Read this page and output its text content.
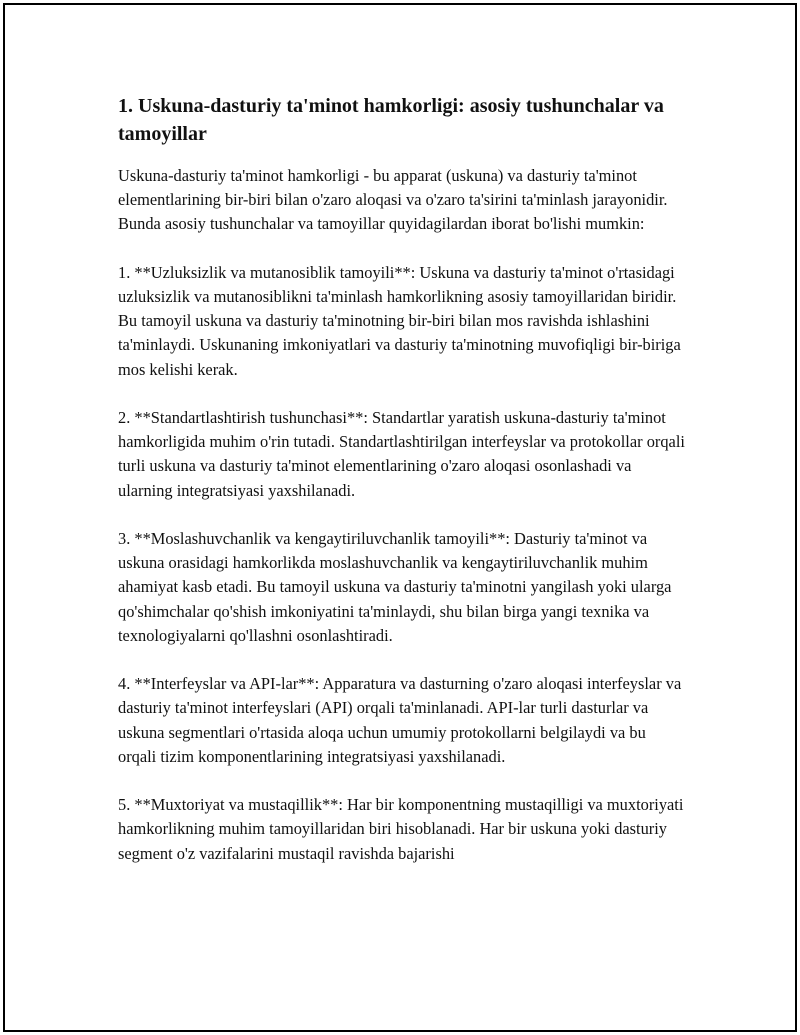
1. Uskuna-dasturiy ta'minot hamkorligi: asosiy tushunchalar va tamoyillar

Uskuna-dasturiy ta'minot hamkorligi - bu apparat (uskuna) va dasturiy ta'minot elementlarining bir-biri bilan o'zaro aloqasi va o'zaro ta'sirini ta'minlash jarayonidir. Bunda asosiy tushunchalar va tamoyillar quyidagilardan iborat bo'lishi mumkin:

1. **Uzluksizlik va mutanosiblik tamoyili**: Uskuna va dasturiy ta'minot o'rtasidagi uzluksizlik va mutanosiblikni ta'minlash hamkorlikning asosiy tamoyillaridan biridir. Bu tamoyil uskuna va dasturiy ta'minotning bir-biri bilan mos ravishda ishlashini ta'minlaydi. Uskunaning imkoniyatlari va dasturiy ta'minotning muvofiqligi bir-biriga mos kelishi kerak.

2. **Standartlashtirish tushunchasi**: Standartlar yaratish uskuna-dasturiy ta'minot hamkorligida muhim o'rin tutadi. Standartlashtirilgan interfeyslar va protokollar orqali turli uskuna va dasturiy ta'minot elementlarining o'zaro aloqasi osonlashadi va ularning integratsiyasi yaxshilanadi.

3. **Moslashuvchanlik va kengaytiriluvchanlik tamoyili**: Dasturiy ta'minot va uskuna orasidagi hamkorlikda moslashuvchanlik va kengaytiriluvchanlik muhim ahamiyat kasb etadi. Bu tamoyil uskuna va dasturiy ta'minotni yangilash yoki ularga qo'shimchalar qo'shish imkoniyatini ta'minlaydi, shu bilan birga yangi texnika va texnologiyalarni qo'llashni osonlashtiradi.

4. **Interfeyslar va API-lar**: Apparatura va dasturning o'zaro aloqasi interfeyslar va dasturiy ta'minot interfeyslari (API) orqali ta'minlanadi. API-lar turli dasturlar va uskuna segmentlari o'rtasida aloqa uchun umumiy protokollarni belgilaydi va bu orqali tizim komponentlarining integratsiyasi yaxshilanadi.

5. **Muxtoriyat va mustaqillik**: Har bir komponentning mustaqilligi va muxtoriyati hamkorlikning muhim tamoyillaridan biri hisoblanadi. Har bir uskuna yoki dasturiy segment o'z vazifalarini mustaqil ravishda bajarishi
